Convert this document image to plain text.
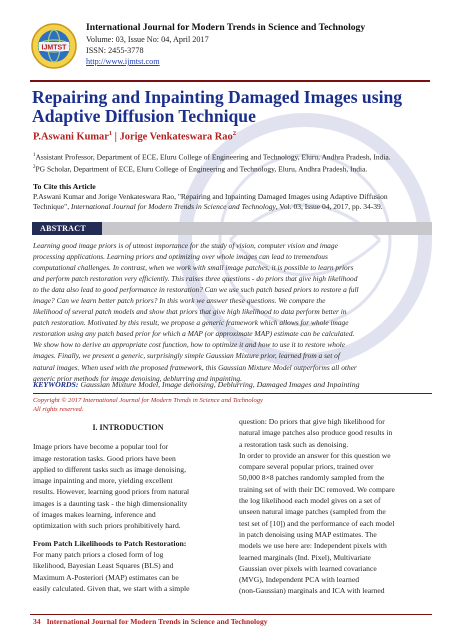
IJMTST
International Journal for Modern Trends in Science and Technology
Volume: 03, Issue No: 04, April 2017
ISSN: 2455-3778
http://www.ijmtst.com
Repairing and Inpainting Damaged Images using Adaptive Diffusion Technique
P.Aswani Kumar$^1$ | Jorige Venkateswara Rao$^2$
$^1$Assistant Professor, Department of ECE, Eluru College of Engineering and Technology, Eluru, Andhra Pradesh, India.
$^2$PG Scholar, Department of ECE, Eluru College of Engineering and Technology, Eluru, Andhra Pradesh, India.
To Cite this Article
P.Aswani Kumar and Jorige Venkateswara Rao, "Repairing and Inpainting Damaged Images using Adaptive Diffusion
Technique", International Journal for Modern Trends in Science and Technology, Vol. 03, Issue 04, 2017, pp. 34-39.
ABSTRACT
Learning good image priors is of utmost importance for the study of vision, computer vision and image
processing applications. Learning priors and optimizing over whole images can lead to tremendous
computational challenges. In contrast, when we work with small image patches, it is possible to learn priors
and perform patch restoration very efficiently. This raises three questions - do priors that give high likelihood
to the data also lead to good performance in restoration? Can we use such patch based priors to restore a full
image? Can we learn better patch priors? In this work we answer these questions. We compare the
likelihood of several patch models and show that priors that give high likelihood to data perform better in
patch restoration. Motivated by this result, we propose a generic framework which allows for whole image
restoration using any patch based prior for which a MAP (or approximate MAP) estimate can be calculated.
We show how to derive an appropriate cost function, how to optimize it and how to use it to restore whole
images. Finally, we present a generic, surprisingly simple Gaussian Mixture prior, learned from a set of
natural images. When used with the proposed framework, this Gaussian Mixture Model outperforms all other
generic prior methods for image denoising, deblurring and inpainting.
KEYWORDS: Gaussian Mixture Model, Image denoising, Deblurring, Damaged Images and Inpainting
Copyright © 2017 International Journal for Modern Trends in Science and Technology
All rights reserved.
I. INTRODUCTION
Image priors have become a popular tool for
image restoration tasks. Good priors have been
applied to different tasks such as image denoising,
image inpainting and more, yielding excellent
results. However, learning good priors from natural
images is a daunting task - the high dimensionality
of images makes learning, inference and
optimization with such priors prohibitively hard.
From Patch Likelihoods to Patch Restoration:
For many patch priors a closed form of log
likelihood, Bayesian Least Squares (BLS) and
Maximum A-Posteriori (MAP) estimates can be
easily calculated. Given that, we start with a simple
question: Do priors that give high likelihood for
natural image patches also produce good results in
a restoration task such as denoising.
In order to provide an answer for this question we
compare several popular priors, trained over
50,000 8×8 patches randomly sampled from the
training set of with their DC removed. We compare
the log likelihood each model gives on a set of
unseen natural image patches (sampled from the
test set of [10]) and the performance of each model
in patch denoising using MAP estimates. The
models we use here are: Independent pixels with
learned marginals (Ind. Pixel), Multivariate
Gaussian over pixels with learned covariance
(MVG), Independent PCA with learned
(non-Gaussian) marginals and ICA with learned
34 International Journal for Modern Trends in Science and Technology
